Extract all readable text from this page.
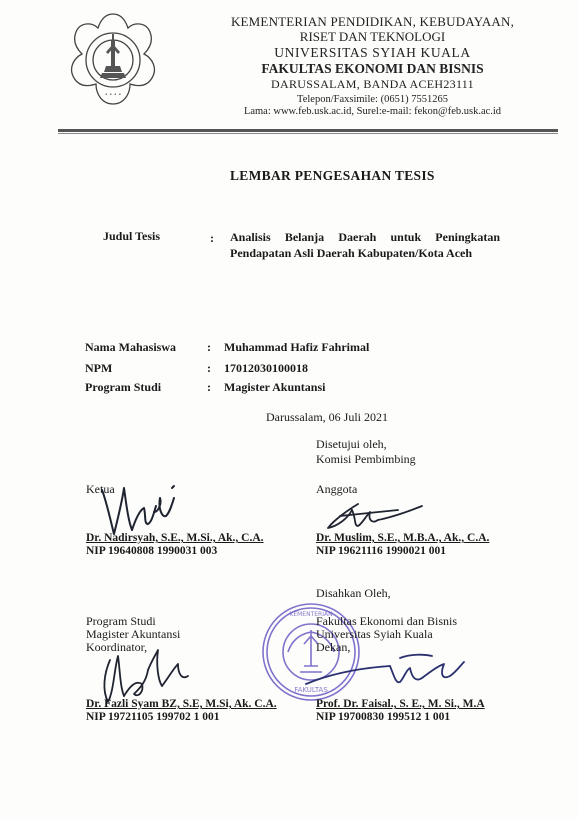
• • • •
KEMENTERIAN PENDIDIKAN, KEBUDAYAAN,
RISET DAN TEKNOLOGI
UNIVERSITAS SYIAH KUALA
FAKULTAS EKONOMI DAN BISNIS
DARUSSALAM, BANDA ACEH23111
Telepon/Faxsimile: (0651) 7551265
Lama: www.feb.usk.ac.id, Surel:e-mail: fekon@feb.usk.ac.id
LEMBAR PENGESAHAN TESIS
Judul Tesis	: Analisis Belanja Daerah untuk Peningkatan Pendapatan Asli Daerah Kabupaten/Kota Aceh
Nama Mahasiswa	: Muhammad Hafiz Fahrimal
NPM	: 17012030100018
Program Studi	: Magister Akuntansi
Darussalam, 06 Juli 2021
Disetujui oleh,
Komisi Pembimbing
Ketua
Dr. Nadirsyah, S.E., M.Si., Ak., C.A.
NIP 19640808 1990031 003
Anggota
Dr. Muslim, S.E., M.B.A., Ak., C.A.
NIP 19621116 1990021 001
Disahkan Oleh,
Program Studi
Magister Akuntansi
Koordinator,
Dr. Fazli Syam BZ, S.E, M.Si, Ak. C.A.
NIP 19721105 199702 1 001
KEMENTERIAN
FAKULTAS
Fakultas Ekonomi dan Bisnis
Universitas Syiah Kuala
Dekan,
Prof. Dr. Faisal., S. E., M. Si., M.A
NIP 19700830 199512 1 001
